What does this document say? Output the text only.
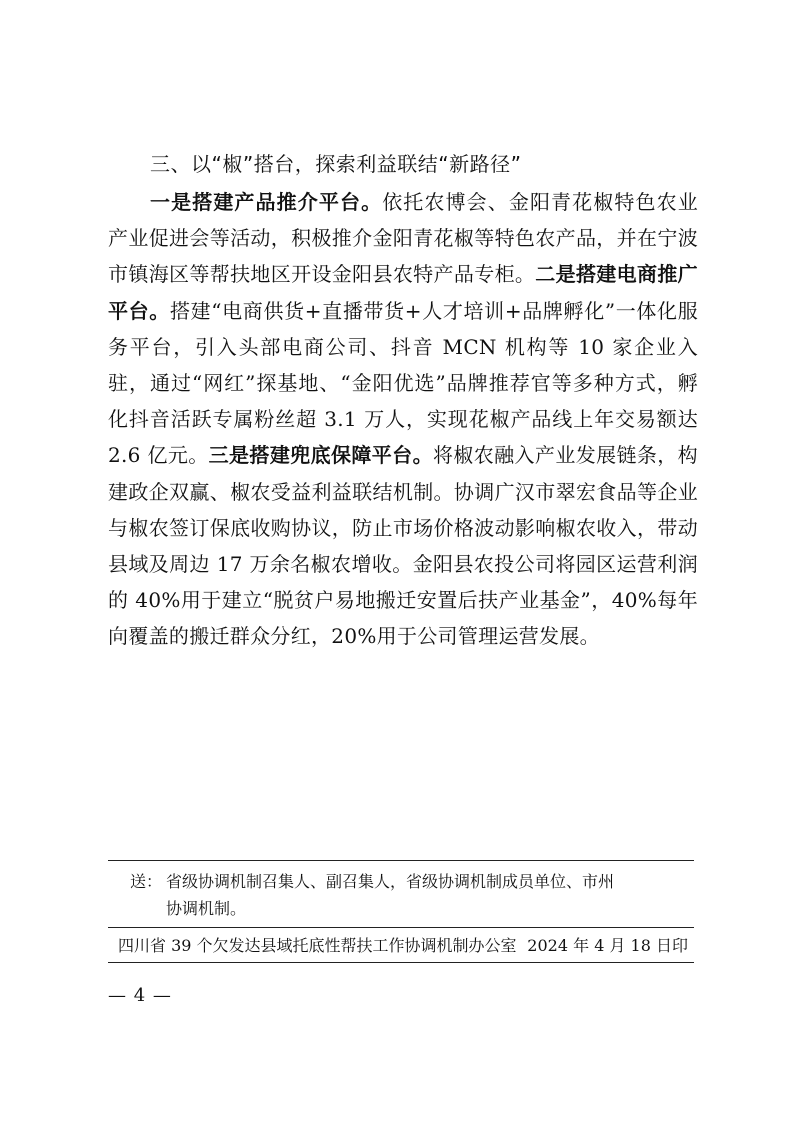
三、以“椒”搭台，探索利益联结“新路径”
一是搭建产品推介平台。依托农博会、金阳青花椒特色农业产业促进会等活动，积极推介金阳青花椒等特色农产品，并在宁波市镇海区等帮扶地区开设金阳县农特产品专柜。二是搭建电商推广平台。搭建“电商供货+直播带货+人才培训+品牌孵化”一体化服务平台，引入头部电商公司、抖音 MCN 机构等 10 家企业入驻，通过“网红”探基地、“金阳优选”品牌推荐官等多种方式，孵化抖音活跃专属粉丝超 3.1 万人，实现花椒产品线上年交易额达 2.6 亿元。三是搭建兜底保障平台。将椒农融入产业发展链条，构建政企双赢、椒农受益利益联结机制。协调广汉市翠宏食品等企业与椒农签订保底收购协议，防止市场价格波动影响椒农收入，带动县域及周边 17 万余名椒农增收。金阳县农投公司将园区运营利润的 40%用于建立“脱贫户易地搬迁安置后扶产业基金”，40%每年向覆盖的搬迁群众分红，20%用于公司管理运营发展。
送： 省级协调机制召集人、副召集人，省级协调机制成员单位、市州
协调机制。
四川省 39 个欠发达县域托底性帮扶工作协调机制办公室 2024 年 4 月 18 日印
— 4 —
